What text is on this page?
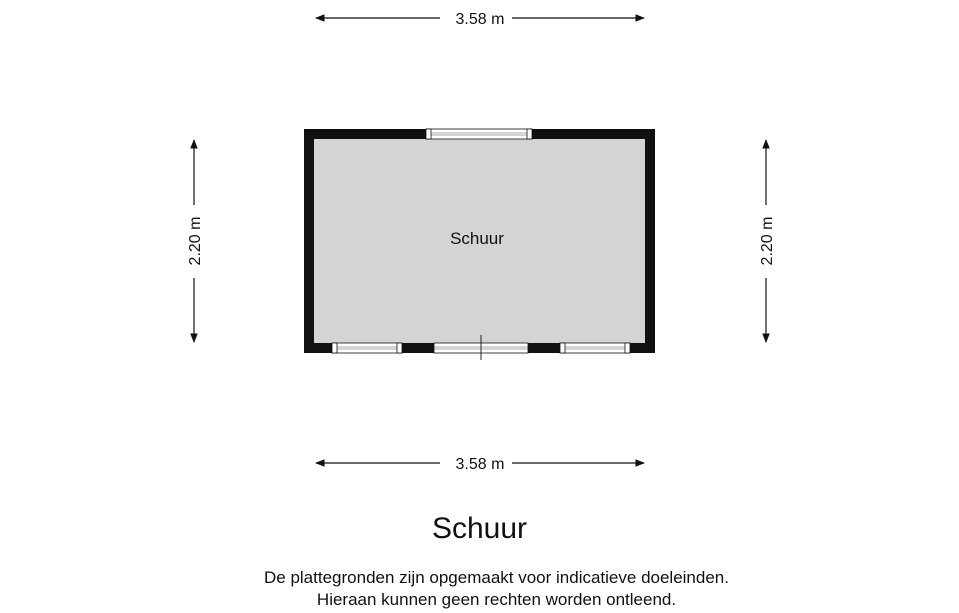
3.58 m
3.58 m
2.20 m	2.20 m
Schuur
Schuur
De plattegronden zijn opgemaakt voor indicatieve doeleinden.
Hieraan kunnen geen rechten worden ontleend.
